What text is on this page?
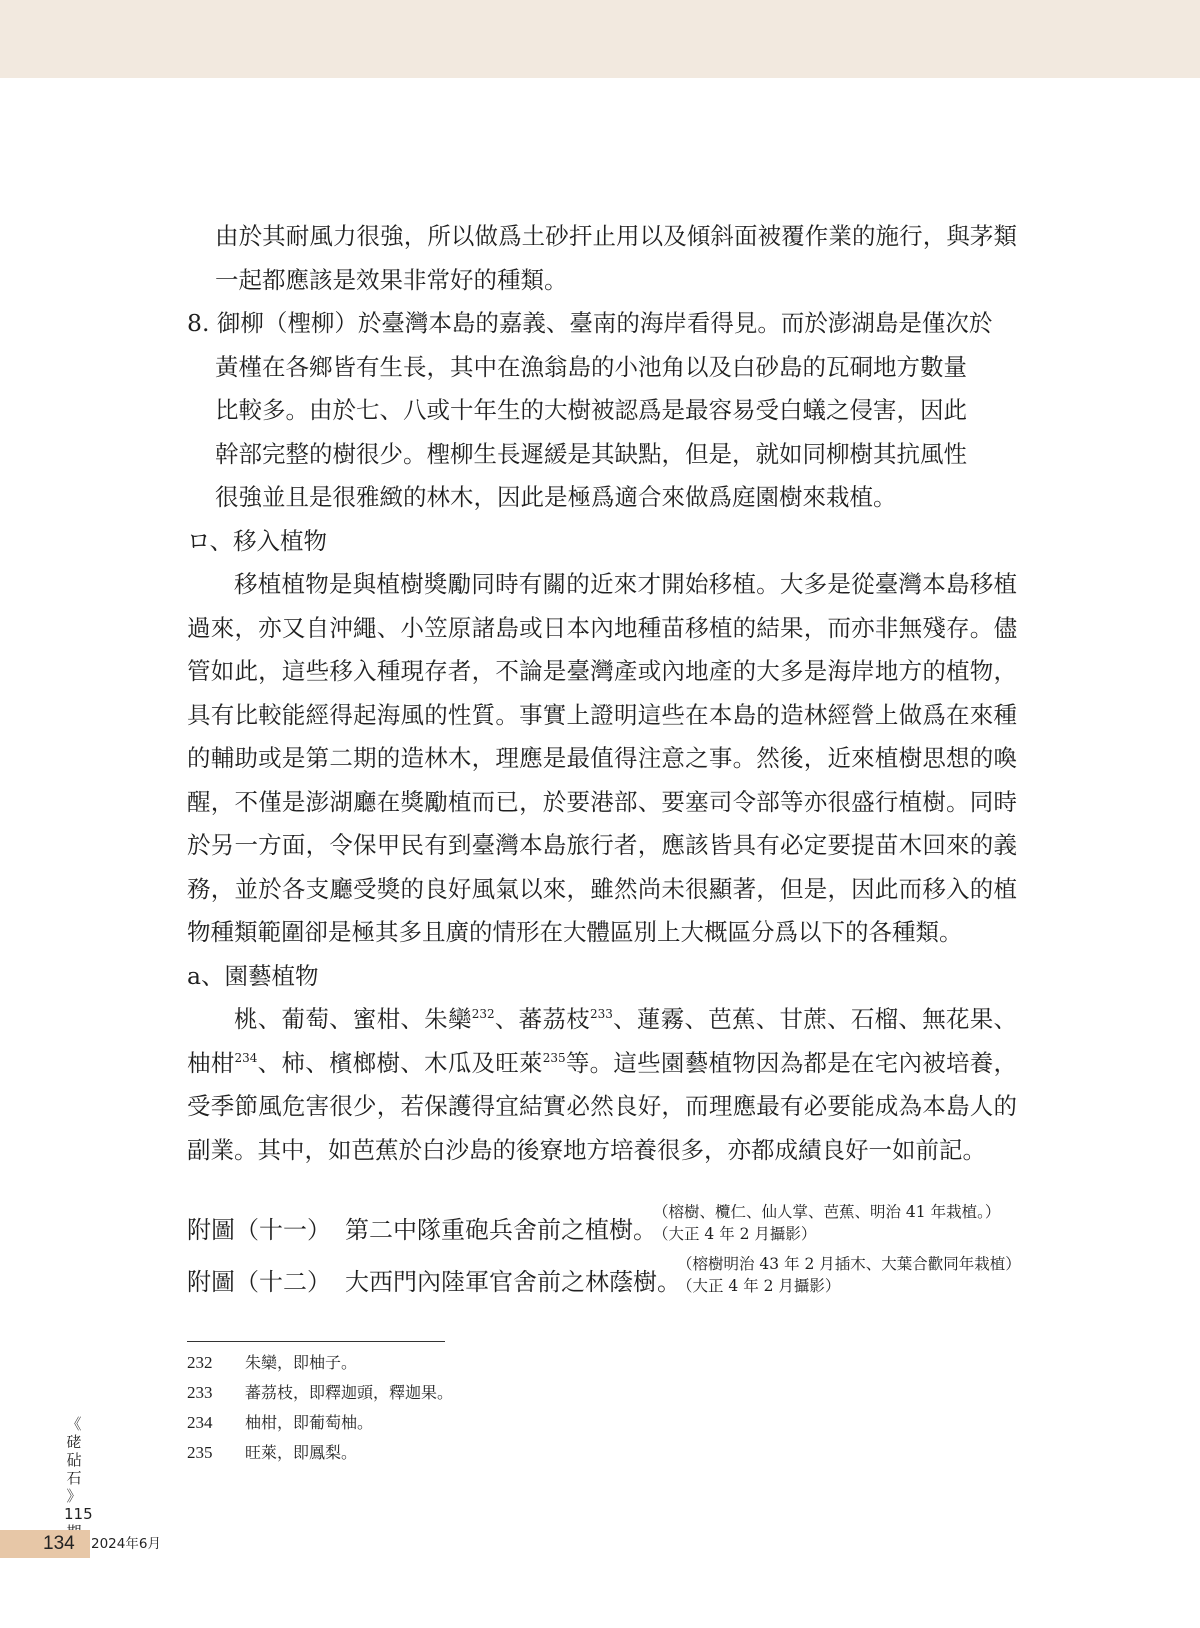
由於其耐風力很強，所以做爲土砂扞止用以及傾斜面被覆作業的施行，與茅類一起都應該是效果非常好的種類。

8. 御柳（檉柳）於臺灣本島的嘉義、臺南的海岸看得見。而於澎湖島是僅次於
黃槿在各鄉皆有生長，其中在漁翁島的小池角以及白砂島的瓦硐地方數量
比較多。由於七、八或十年生的大樹被認爲是最容易受白蟻之侵害，因此
幹部完整的樹很少。檉柳生長遲緩是其缺點，但是，就如同柳樹其抗風性
很強並且是很雅緻的林木，因此是極爲適合來做爲庭園樹來栽植。

ロ、移入植物

移植植物是與植樹獎勵同時有關的近來才開始移植。大多是從臺灣本島移植過來，亦又自沖繩、小笠原諸島或日本內地種苗移植的結果，而亦非無殘存。儘管如此，這些移入種現存者，不論是臺灣產或內地產的大多是海岸地方的植物，具有比較能經得起海風的性質。事實上證明這些在本島的造林經營上做爲在來種的輔助或是第二期的造林木，理應是最值得注意之事。然後，近來植樹思想的喚醒，不僅是澎湖廳在獎勵植而已，於要港部、要塞司令部等亦很盛行植樹。同時於另一方面，令保甲民有到臺灣本島旅行者，應該皆具有必定要提苗木回來的義務，並於各支廳受獎的良好風氣以來，雖然尚未很顯著，但是，因此而移入的植物種類範圍卻是極其多且廣的情形在大體區別上大概區分爲以下的各種類。

a、園藝植物

桃、葡萄、蜜柑、朱欒$^{232}$、蕃茘枝$^{233}$、蓮霧、芭蕉、甘蔗、石榴、無花果、柚柑$^{234}$、柿、檳榔樹、木瓜及旺萊$^{235}$等。這些園藝植物因為都是在宅內被培養，受季節風危害很少，若保護得宜結實必然良好，而理應最有必要能成為本島人的副業。其中，如芭蕉於白沙島的後寮地方培養很多，亦都成績良好一如前記。

附圖（十一） 第二中隊重砲兵舍前之植樹。
（榕樹、欖仁、仙人掌、芭蕉、明治 41 年栽植。）
（大正 4 年 2 月攝影）
附圖（十二） 大西門內陸軍官舍前之林蔭樹。
（榕樹明治 43 年 2 月插木、大葉合歡同年栽植）
（大正 4 年 2 月攝影）
232 朱欒，即柚子。
233 蕃茘枝，即釋迦頭，釋迦果。
234 柚柑，即葡萄柚。
235 旺萊，即鳳梨。
《
硓
砧
石
》
115
134 2024年6月
